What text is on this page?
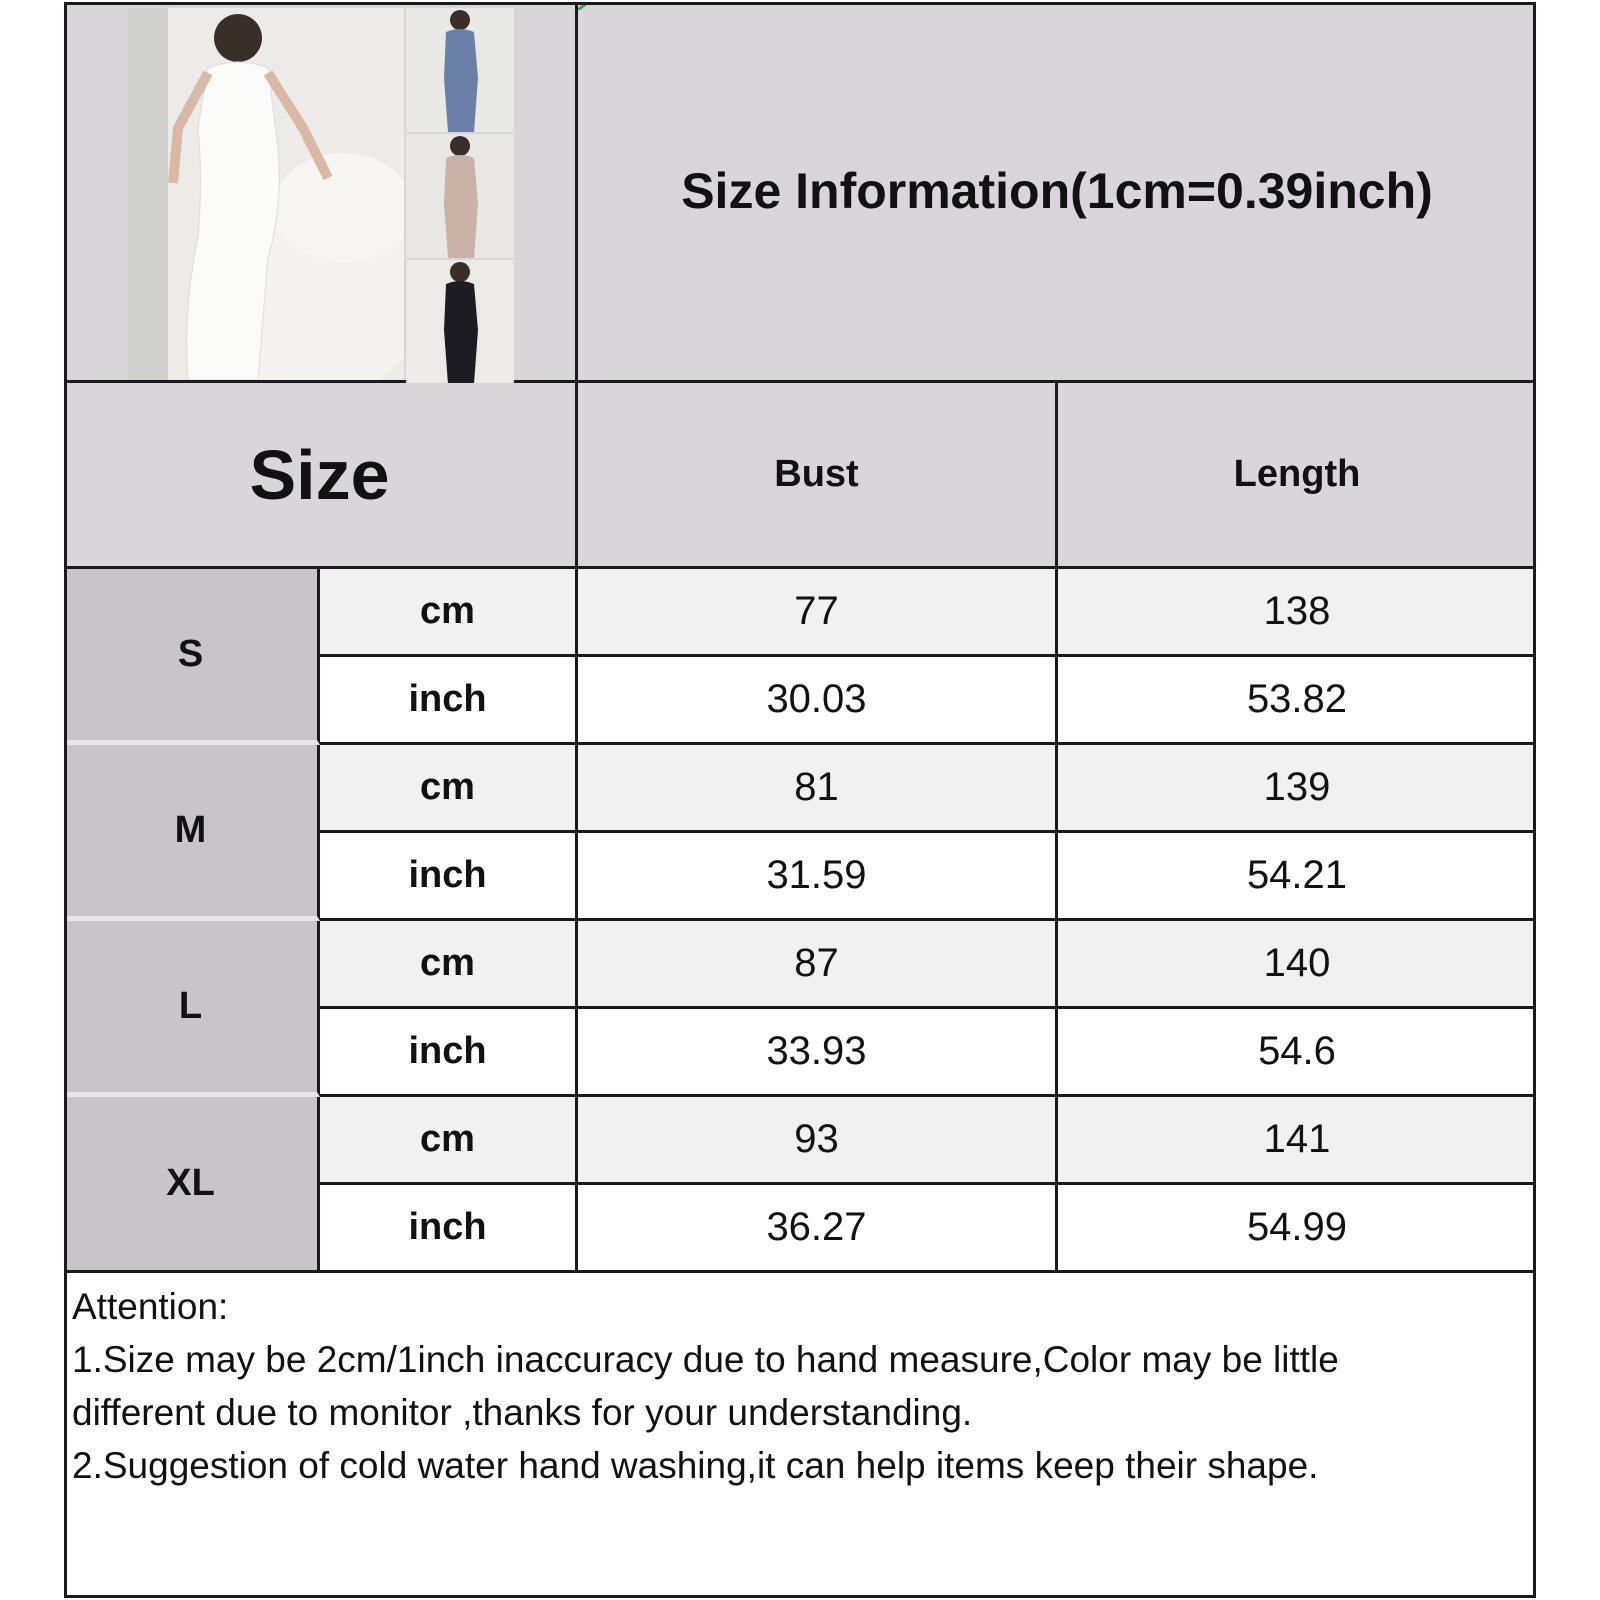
Size Information(1cm=0.39inch)
Size	Bust	Length
S
cm	77	138
inch	30.03	53.82
M
cm	81	139
inch	31.59	54.21
L
cm	87	140
inch	33.93	54.6
XL
cm	93	141
inch	36.27	54.99
Attention:
1.Size may be 2cm/1inch inaccuracy due to hand measure,Color may be little
different due to monitor ,thanks for your understanding.
2.Suggestion of cold water hand washing,it can help items keep their shape.
